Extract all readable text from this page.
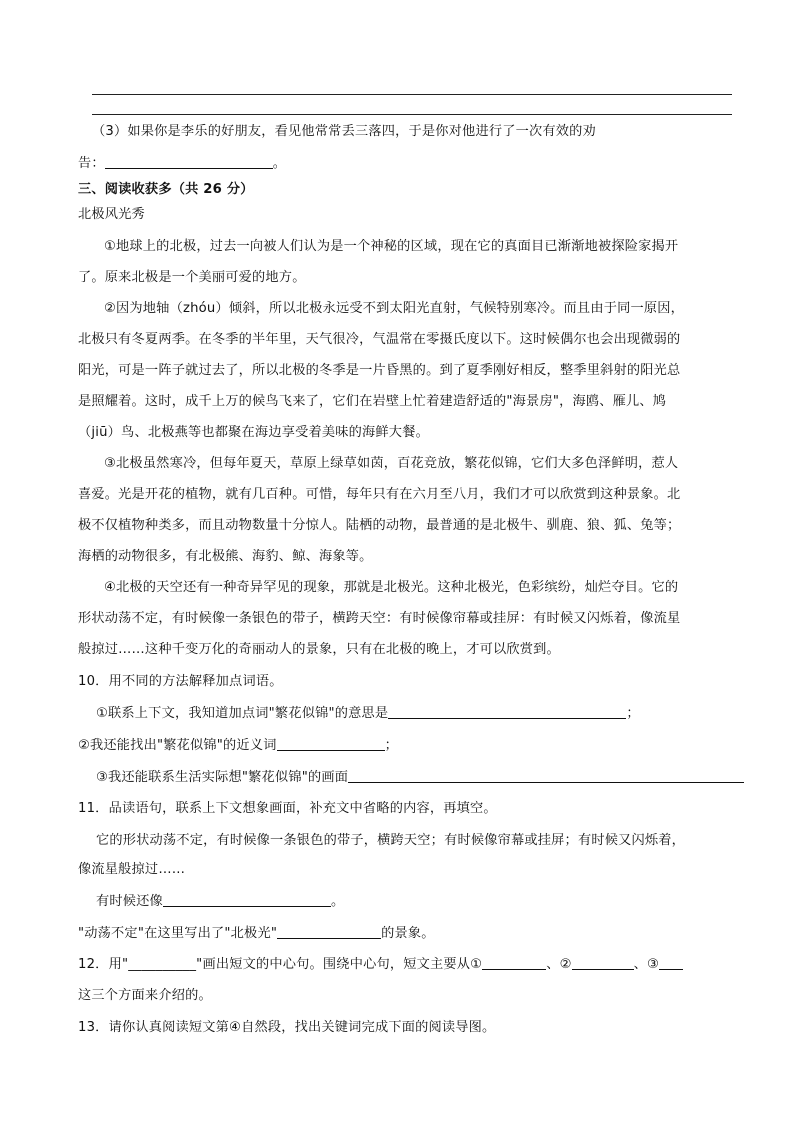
（3）如果你是李乐的好朋友，看见他常常丢三落四，于是你对他进行了一次有效的劝
告：	。
三、阅读收获多（共 26 分）
北极风光秀
①地球上的北极，过去一向被人们认为是一个神秘的区域，现在它的真面目已渐渐地被探险家揭开
了。原来北极是一个美丽可爱的地方。
②因为地轴（zhóu）倾斜，所以北极永远受不到太阳光直射，气候特别寒冷。而且由于同一原因，
北极只有冬夏两季。在冬季的半年里，天气很冷，气温常在零摄氏度以下。这时候偶尔也会出现微弱的
阳光，可是一阵子就过去了，所以北极的冬季是一片昏黑的。到了夏季刚好相反，整季里斜射的阳光总
是照耀着。这时，成千上万的候鸟飞来了，它们在岩壁上忙着建造舒适的"海景房"，海鸥、雁儿、鸠
（jiū）鸟、北极燕等也都聚在海边享受着美味的海鲜大餐。
③北极虽然寒冷，但每年夏天，草原上绿草如茵，百花竞放，繁花似锦，它们大多色泽鲜明，惹人
喜爱。光是开花的植物，就有几百种。可惜，每年只有在六月至八月，我们才可以欣赏到这种景象。北
极不仅植物种类多，而且动物数量十分惊人。陆栖的动物，最普通的是北极牛、驯鹿、狼、狐、兔等；
海栖的动物很多，有北极熊、海豹、鲸、海象等。
④北极的天空还有一种奇异罕见的现象，那就是北极光。这种北极光，色彩缤纷，灿烂夺目。它的
形状动荡不定，有时候像一条银色的带子，横跨天空：有时候像帘幕或挂屏：有时候又闪烁着，像流星
般掠过……这种千变万化的奇丽动人的景象，只有在北极的晚上，才可以欣赏到。
10．用不同的方法解释加点词语。
①联系上下文，我知道加点词"繁花似锦"的意思是	；
②我还能找出"繁花似锦"的近义词	；
③我还能联系生活实际想"繁花似锦"的画面
11．品读语句，联系上下文想象画面，补充文中省略的内容，再填空。
它的形状动荡不定，有时候像一条银色的带子，横跨天空；有时候像帘幕或挂屏；有时候又闪烁着，
像流星般掠过……
有时候还像	。
"动荡不定"在这里写出了"北极光"	的景象。
12．用"__________"画出短文的中心句。围绕中心句，短文主要从①	、②	、③
这三个方面来介绍的。
13．请你认真阅读短文第④自然段，找出关键词完成下面的阅读导图。
